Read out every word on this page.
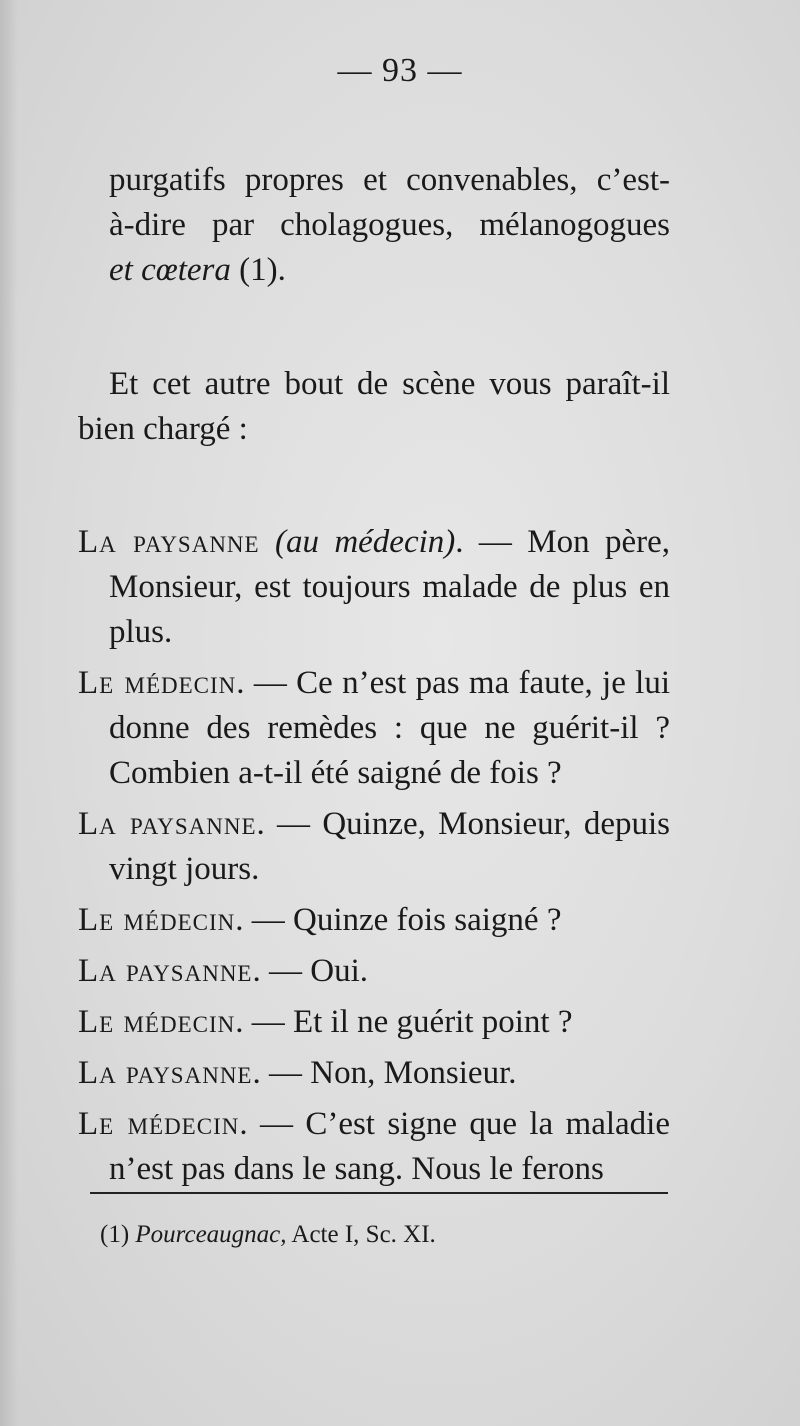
— 93 —
purgatifs propres et convenables, c’est-
à-dire par cholagogues, mélanogogues
et cœtera (1).

Et cet autre bout de scène vous paraît-il bien chargé :

La paysanne (au médecin). — Mon père, Monsieur, est toujours malade de plus en plus.

Le médecin. — Ce n’est pas ma faute, je lui donne des remèdes : que ne guérit-il ? Combien a-t-il été saigné de fois ?

La paysanne. — Quinze, Monsieur, depuis vingt jours.

Le médecin. — Quinze fois saigné ?

La paysanne. — Oui.

Le médecin. — Et il ne guérit point ?

La paysanne. — Non, Monsieur.

Le médecin. — C’est signe que la maladie n’est pas dans le sang. Nous le ferons

(1) Pourceaugnac, Acte I, Sc. XI.
